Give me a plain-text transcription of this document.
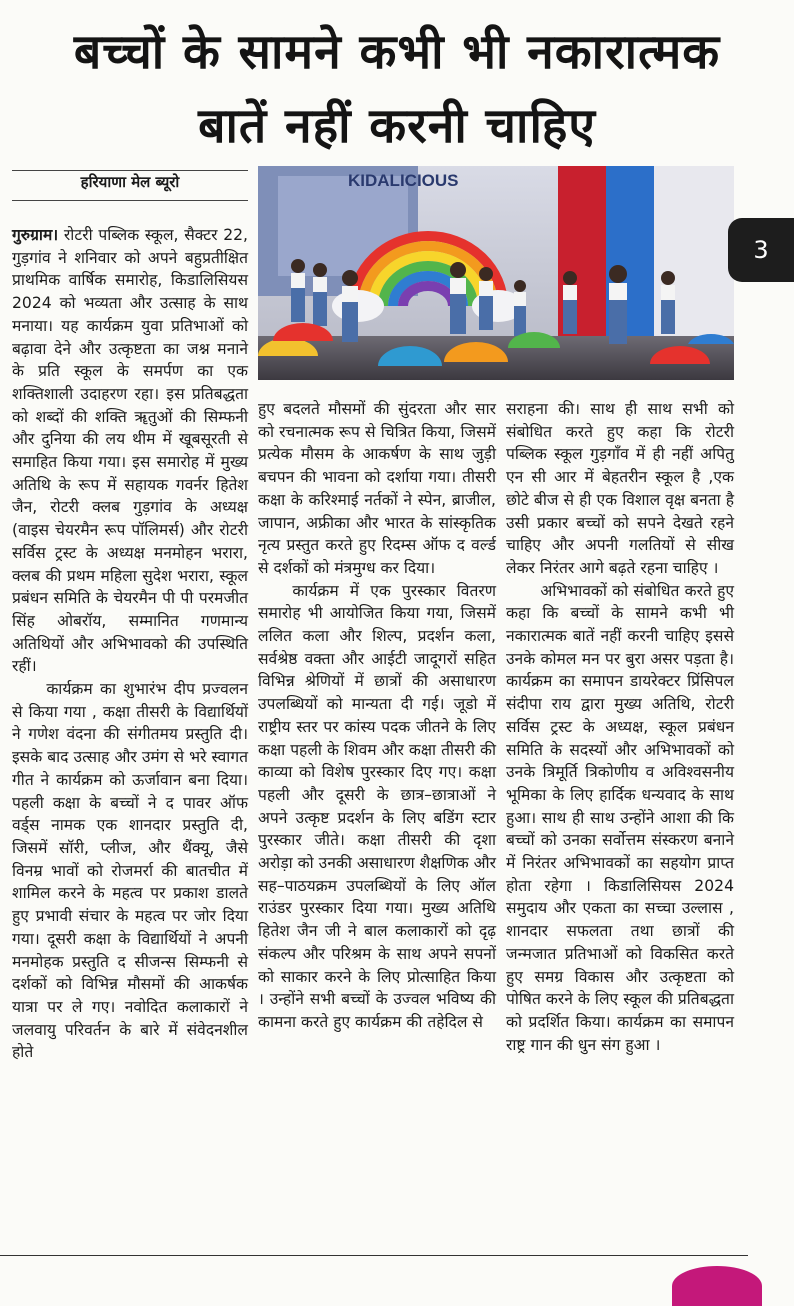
बच्चों के सामने कभी भी नकारात्मक
बातें नहीं करनी चाहिए
हरियाणा मेल ब्यूरो	KIDALICIOUS
3

गुरुग्राम। रोटरी पब्लिक स्कूल, सैक्टर 22, गुड़गांव ने शनिवार को अपने बहुप्रतीक्षित प्राथमिक वार्षिक समारोह, किडालिसियस 2024 को भव्यता और उत्साह के साथ मनाया। यह कार्यक्रम युवा प्रतिभाओं को बढ़ावा देने और उत्कृष्टता का जश्न मनाने के प्रति स्कूल के समर्पण का एक शक्तिशाली उदाहरण रहा। इस प्रतिबद्धता को शब्दों की शक्ति ॠतुओं की सिम्फनी और दुनिया की लय थीम में खूबसूरती से समाहित किया गया। इस समारोह में मुख्य अतिथि के रूप में सहायक गवर्नर हितेश जैन, रोटरी क्लब गुड़गांव के अध्यक्ष (वाइस चेयरमैन रूप पॉलिमर्स) और रोटरी सर्विस ट्रस्ट के अध्यक्ष मनमोहन भरारा, क्लब की प्रथम महिला सुदेश भरारा, स्कूल प्रबंधन समिति के चेयरमैन पी पी परमजीत सिंह ओबरॉय, सम्मानित गणमान्य अतिथियों और अभिभावको की उपस्थिति रहीं।

कार्यक्रम का शुभारंभ दीप प्रज्वलन से किया गया , कक्षा तीसरी के विद्यार्थियों ने गणेश वंदना की संगीतमय प्रस्तुति दी। इसके बाद उत्साह और उमंग से भरे स्वागत गीत ने कार्यक्रम को ऊर्जावान बना दिया। पहली कक्षा के बच्चों ने द पावर ऑफ वर्ड्स नामक एक शानदार प्रस्तुति दी, जिसमें सॉरी, प्लीज, और थैंक्यू, जैसे विनम्र भावों को रोजमर्रा की बातचीत में शामिल करने के महत्व पर प्रकाश डालते हुए प्रभावी संचार के महत्व पर जोर दिया गया। दूसरी कक्षा के विद्यार्थियों ने अपनी मनमोहक प्रस्तुति द सीजन्स सिम्फनी से दर्शकों को विभिन्न मौसमों की आकर्षक यात्रा पर ले गए। नवोदित कलाकारों ने जलवायु परिवर्तन के बारे में संवेदनशील होते

हुए बदलते मौसमों की सुंदरता और सार को रचनात्मक रूप से चित्रित किया, जिसमें प्रत्येक मौसम के आकर्षण के साथ जुड़ी बचपन की भावना को दर्शाया गया। तीसरी कक्षा के करिश्माई नर्तकों ने स्पेन, ब्राजील, जापान, अफ्रीका और भारत के सांस्कृतिक नृत्य प्रस्तुत करते हुए रिदम्स ऑफ द वर्ल्ड से दर्शकों को मंत्रमुग्ध कर दिया।

कार्यक्रम में एक पुरस्कार वितरण समारोह भी आयोजित किया गया, जिसमें ललित कला और शिल्प, प्रदर्शन कला, सर्वश्रेष्ठ वक्ता और आईटी जादूगरों सहित विभिन्न श्रेणियों में छात्रों की असाधारण उपलब्धियों को मान्यता दी गई। जूडो में राष्ट्रीय स्तर पर कांस्य पदक जीतने के लिए कक्षा पहली के शिवम और कक्षा तीसरी की काव्या को विशेष पुरस्कार दिए गए। कक्षा पहली और दूसरी के छात्र–छात्राओं ने अपने उत्कृष्ट प्रदर्शन के लिए बडिंग स्टार पुरस्कार जीते। कक्षा तीसरी की दृशा अरोड़ा को उनकी असाधारण शैक्षणिक और सह–पाठयक्रम उपलब्धियों के लिए ऑल राउंडर पुरस्कार दिया गया। मुख्य अतिथि हितेश जैन जी ने बाल कलाकारों को दृढ़ संकल्प और परिश्रम के साथ अपने सपनों को साकार करने के लिए प्रोत्साहित किया । उन्होंने सभी बच्चों के उज्वल भविष्य की कामना करते हुए कार्यक्रम की तहेदिल से

सराहना की। साथ ही साथ सभी को संबोधित करते हुए कहा कि रोटरी पब्लिक स्कूल गुड़गाँव में ही नहीं अपितु एन सी आर में बेहतरीन स्कूल है ,एक छोटे बीज से ही एक विशाल वृक्ष बनता है उसी प्रकार बच्चों को सपने देखते रहने चाहिए और अपनी गलतियों से सीख लेकर निरंतर आगे बढ़ते रहना चाहिए ।

अभिभावकों को संबोधित करते हुए कहा कि बच्चों के सामने कभी भी नकारात्मक बातें नहीं करनी चाहिए इससे उनके कोमल मन पर बुरा असर पड़ता है। कार्यक्रम का समापन डायरेक्टर प्रिंसिपल संदीपा राय द्वारा मुख्य अतिथि, रोटरी सर्विस ट्रस्ट के अध्यक्ष, स्कूल प्रबंधन समिति के सदस्यों और अभिभावकों को उनके त्रिमूर्ति त्रिकोणीय व अविश्वसनीय भूमिका के लिए हार्दिक धन्यवाद के साथ हुआ। साथ ही साथ उन्होंने आशा की कि बच्चों को उनका सर्वोत्तम संस्करण बनाने में निरंतर अभिभावकों का सहयोग प्राप्त होता रहेगा । किडालिसियस 2024 समुदाय और एकता का सच्चा उल्लास , शानदार सफलता तथा छात्रों की जन्मजात प्रतिभाओं को विकसित करते हुए समग्र विकास और उत्कृष्टता को पोषित करने के लिए स्कूल की प्रतिबद्धता को प्रदर्शित किया। कार्यक्रम का समापन राष्ट्र गान की धुन संग हुआ ।
